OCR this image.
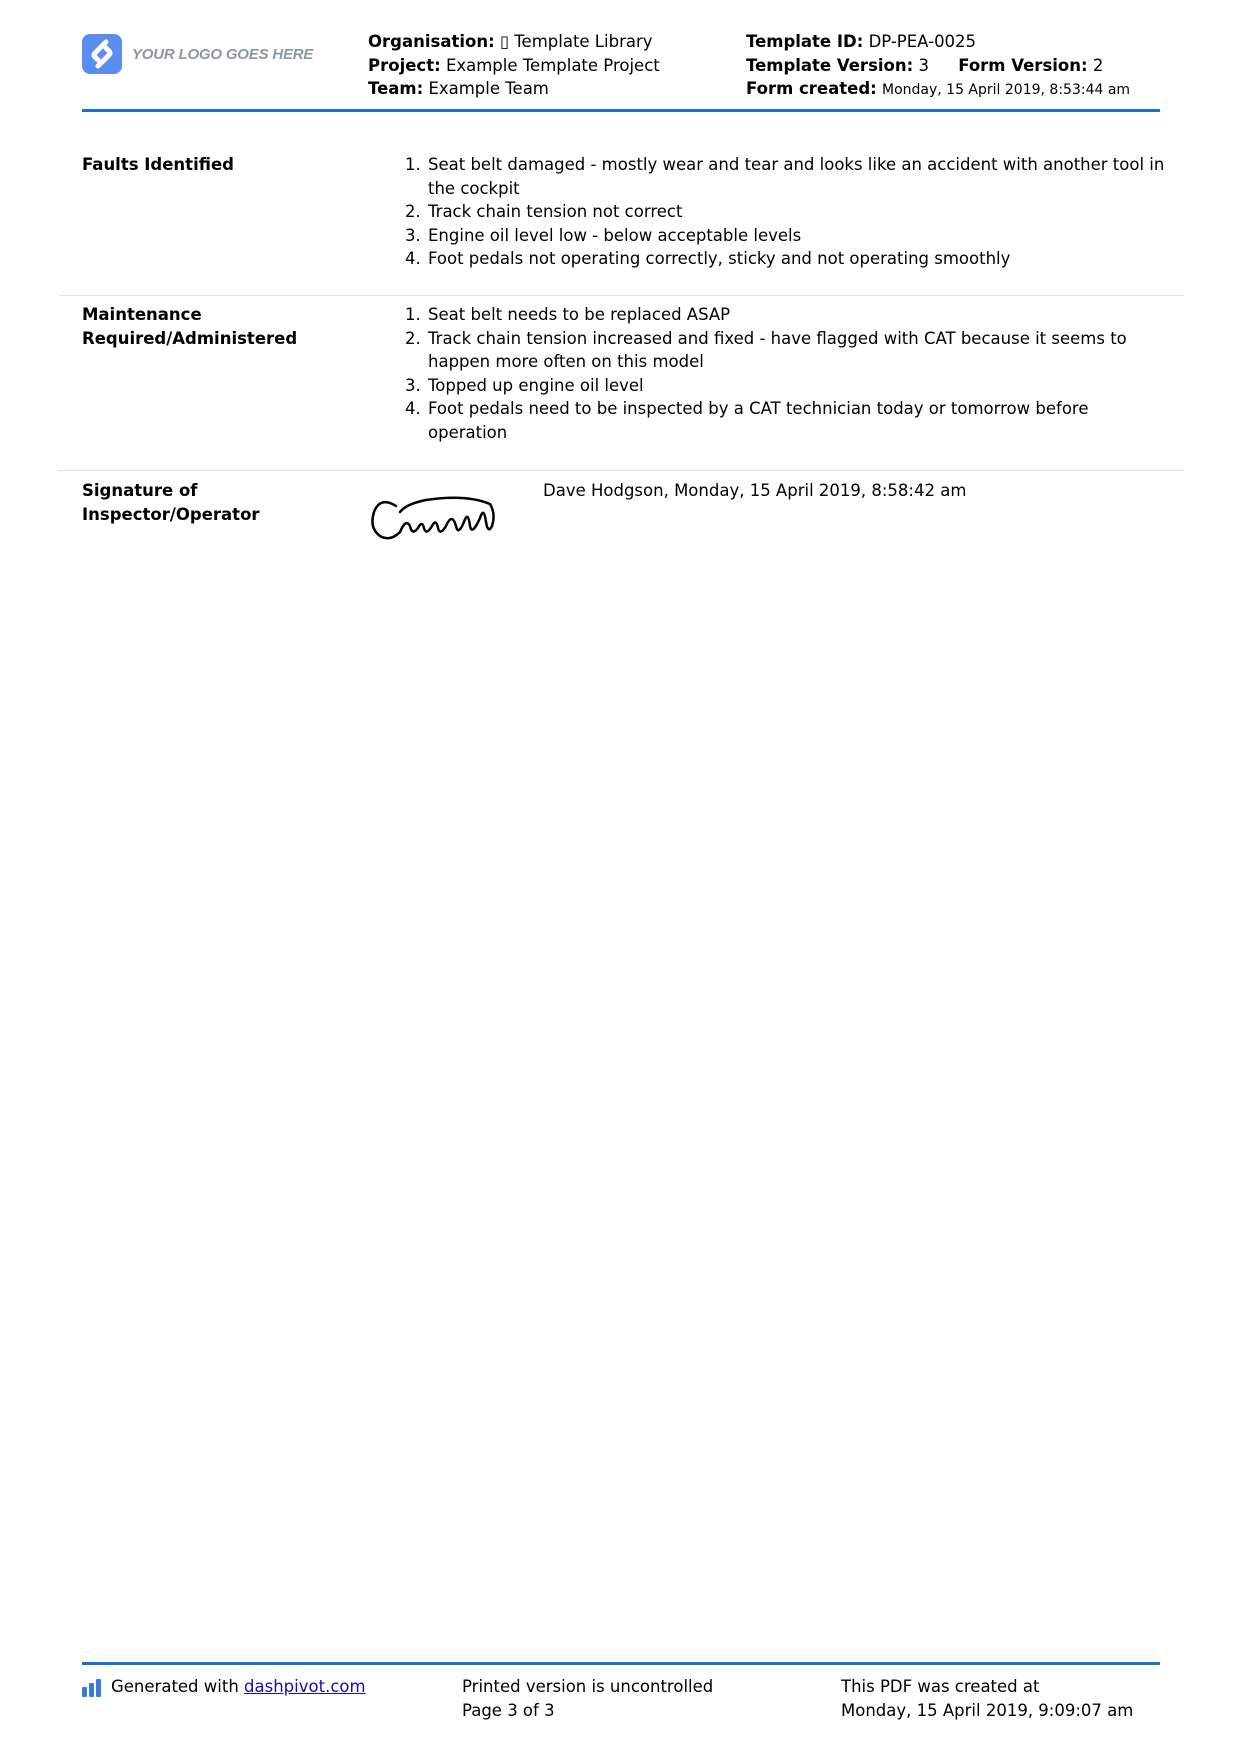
YOUR LOGO GOES HERE
Organisation: ▯ Template Library
Project: Example Template Project
Team: Example Team
Template ID: DP-PEA-0025
Template Version: 3 Form Version: 2
Form created: Monday, 15 April 2019, 8:53:44 am
Faults Identified
1.	Seat belt damaged - mostly wear and tear and looks like an accident with another tool in the cockpit
2. Track chain tension not correct
3. Engine oil level low - below acceptable levels
4. Foot pedals not operating correctly, sticky and not operating smoothly
Maintenance Required/Administered
1. Seat belt needs to be replaced ASAP
2. Track chain tension increased and fixed - have flagged with CAT because it seems to happen more often on this model
3. Topped up engine oil level
4. Foot pedals need to be inspected by a CAT technician today or tomorrow before operation
Signature of Inspector/Operator
Dave Hodgson, Monday, 15 April 2019, 8:58:42 am
Generated with
dashpivot.com	Printed version is uncontrolled
Page 3 of 3
This PDF was created at
Monday, 15 April 2019, 9:09:07 am
